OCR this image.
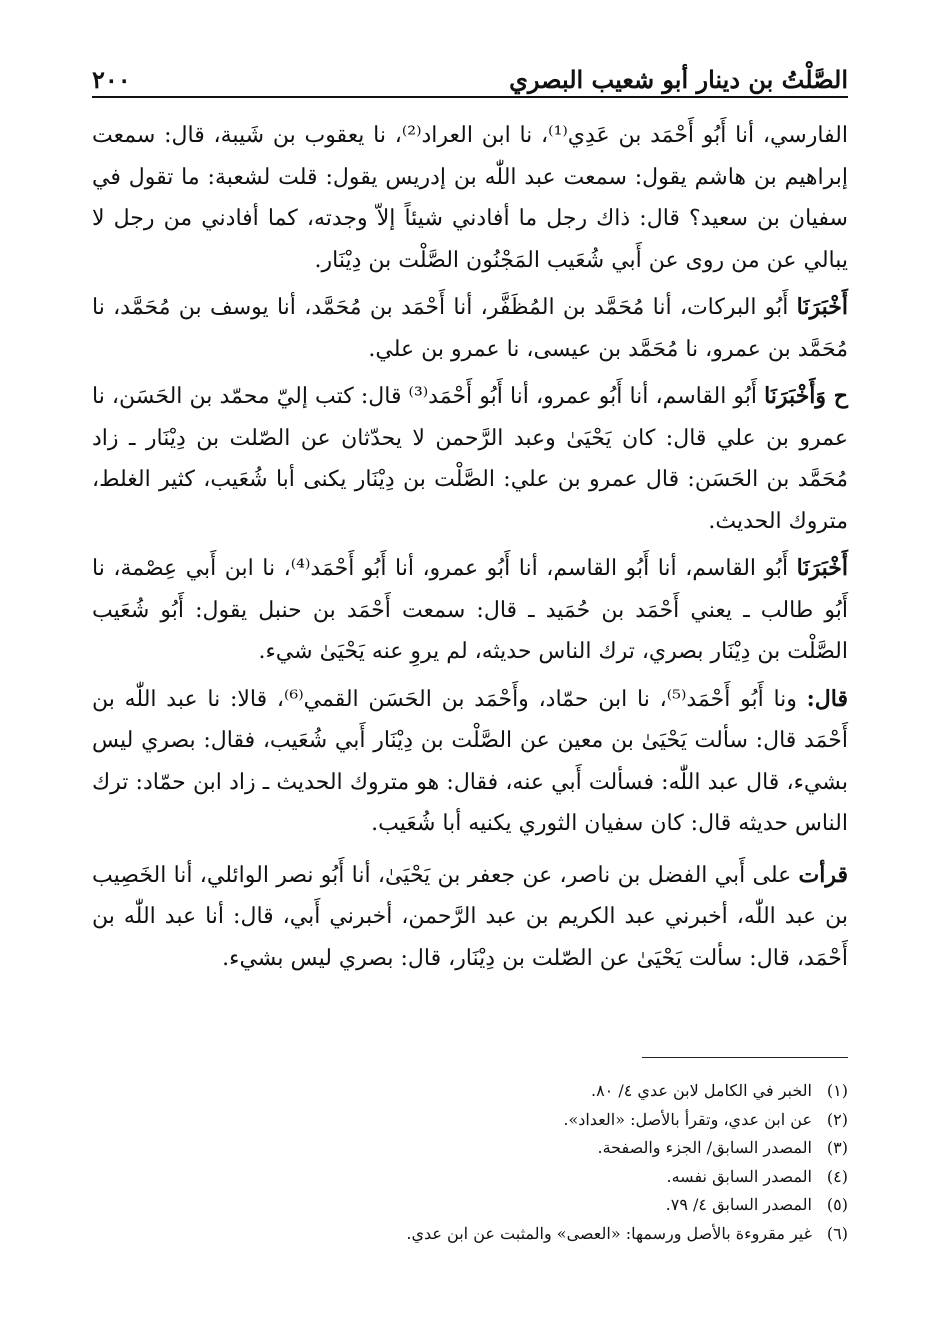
الصَّلْتُ بن دينار أبو شعيب البصري
٢٠٠

الفارسي، أنا أَبُو أَحْمَد بن عَدِي⁽¹⁾، نا ابن العراد⁽²⁾، نا يعقوب بن شَيبة، قال: سمعت إبراهيم بن هاشم يقول: سمعت عبد اللّٰه بن إدريس يقول: قلت لشعبة: ما تقول في سفيان بن سعيد؟ قال: ذاك رجل ما أفادني شيئاً إلاّ وجدته، كما أفادني من رجل لا يبالي عن من روى عن أَبي شُعَيب المَجْنُون الصَّلْت بن دِيْنَار.

أَخْبَرَنَا أَبُو البركات، أنا مُحَمَّد بن المُظَفَّر، أنا أَحْمَد بن مُحَمَّد، أنا يوسف بن مُحَمَّد، نا مُحَمَّد بن عمرو، نا مُحَمَّد بن عيسى، نا عمرو بن علي.

ح وَأَخْبَرَنَا أَبُو القاسم، أنا أَبُو عمرو، أنا أَبُو أَحْمَد⁽³⁾ قال: كتب إليّ محمّد بن الحَسَن، نا عمرو بن علي قال: كان يَحْيَىٰ وعبد الرَّحمن لا يحدّثان عن الصّلت بن دِيْنَار ـ زاد مُحَمَّد بن الحَسَن: قال عمرو بن علي: الصَّلْت بن دِيْنَار يكنى أبا شُعَيب، كثير الغلط، متروك الحديث.

أَخْبَرَنَا أَبُو القاسم، أنا أَبُو القاسم، أنا أَبُو عمرو، أنا أَبُو أَحْمَد⁽⁴⁾، نا ابن أَبي عِصْمة، نا أَبُو طالب ـ يعني أَحْمَد بن حُمَيد ـ قال: سمعت أَحْمَد بن حنبل يقول: أَبُو شُعَيب الصَّلْت بن دِيْنَار بصري، ترك الناس حديثه، لم يروِ عنه يَحْيَىٰ شيء.

قال: ونا أَبُو أَحْمَد⁽⁵⁾، نا ابن حمّاد، وأَحْمَد بن الحَسَن القمي⁽⁶⁾، قالا: نا عبد اللّٰه بن أَحْمَد قال: سألت يَحْيَىٰ بن معين عن الصَّلْت بن دِيْنَار أَبي شُعَيب، فقال: بصري ليس بشيء، قال عبد اللّٰه: فسألت أَبي عنه، فقال: هو متروك الحديث ـ زاد ابن حمّاد: ترك الناس حديثه قال: كان سفيان الثوري يكنيه أبا شُعَيب.

قرأت على أَبي الفضل بن ناصر، عن جعفر بن يَحْيَىٰ، أنا أَبُو نصر الوائلي، أنا الخَصِيب بن عبد اللّٰه، أخبرني عبد الكريم بن عبد الرَّحمن، أخبرني أَبي، قال: أنا عبد اللّٰه بن أَحْمَد، قال: سألت يَحْيَىٰ عن الصّلت بن دِيْنَار، قال: بصري ليس بشيء.

(١)
الخبر في الكامل لابن عدي ٤/ ٨٠.

(٢)
عن ابن عدي، وتقرأ بالأصل: «العداد».

(٣)
المصدر السابق/ الجزء والصفحة.

(٤)
المصدر السابق نفسه.

(٥)
المصدر السابق ٤/ ٧٩.

(٦)
غير مقروءة بالأصل ورسمها: «العصى» والمثبت عن ابن عدي.
